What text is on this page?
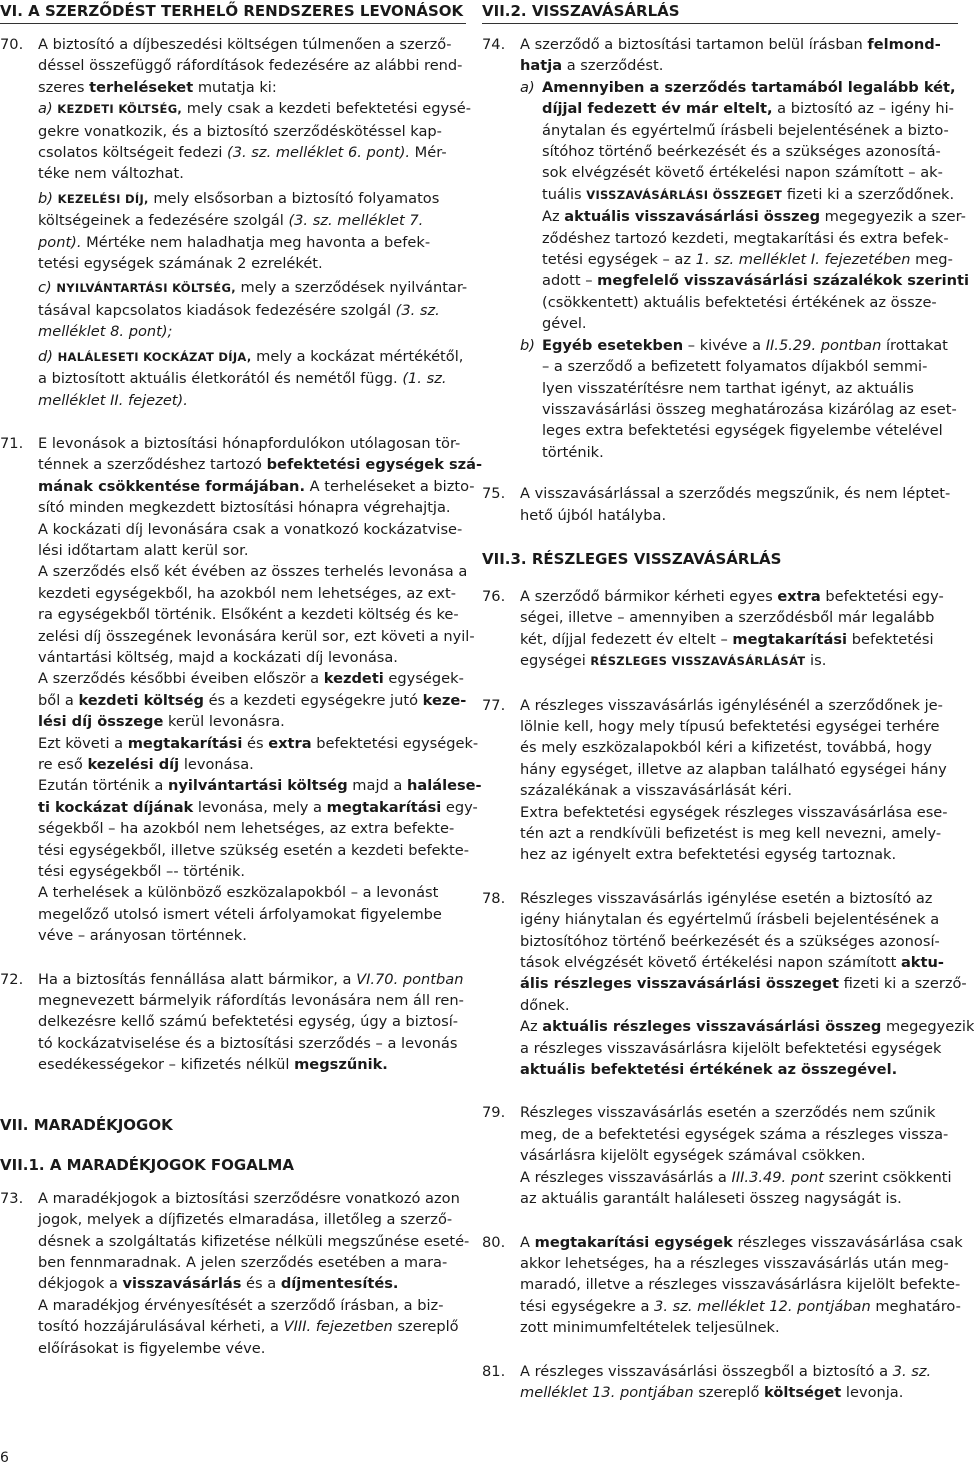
VI. A SZERZŐDÉST TERHELŐ RENDSZERES LEVONÁSOK
70. A biztosító a díjbeszedési költségen túlmenően a szerző-
déssel összefüggő ráfordítások fedezésére az alábbi rend-
szeres terheléseket mutatja ki:
a) KEZDETI KÖLTSÉG, mely csak a kezdeti befektetési egysé-
gekre vonatkozik, és a biztosító szerződéskötéssel kap-
csolatos költségeit fedezi (3. sz. melléklet 6. pont). Mér-
téke nem változhat.
b) KEZELÉSI DÍJ, mely elsősorban a biztosító folyamatos
költségeinek a fedezésére szolgál (3. sz. melléklet 7.
pont). Mértéke nem haladhatja meg havonta a befek-
tetési egységek számának 2 ezrelékét.
c) NYILVÁNTARTÁSI KÖLTSÉG, mely a szerződések nyilvántar-
tásával kapcsolatos kiadások fedezésére szolgál (3. sz.
melléklet 8. pont);
d) HALÁLESETI KOCKÁZAT DÍJA, mely a kockázat mértékétől,
a biztosított aktuális életkorától és nemétől függ. (1. sz.
melléklet II. fejezet).
71. E levonások a biztosítási hónapfordulókon utólagosan tör-
ténnek a szerződéshez tartozó befektetési egységek szá-
mának csökkentése formájában. A terheléseket a bizto-
sító minden megkezdett biztosítási hónapra végrehajtja.
A kockázati díj levonására csak a vonatkozó kockázatvise-
lési időtartam alatt kerül sor.
A szerződés első két évében az összes terhelés levonása a
kezdeti egységekből, ha azokból nem lehetséges, az ext-
ra egységekből történik. Elsőként a kezdeti költség és ke-
zelési díj összegének levonására kerül sor, ezt követi a nyil-
vántartási költség, majd a kockázati díj levonása.
A szerződés későbbi éveiben először a kezdeti egységek-
ből a kezdeti költség és a kezdeti egységekre jutó keze-
lési díj összege kerül levonásra.
Ezt követi a megtakarítási és extra befektetési egységek-
re eső kezelési díj levonása.
Ezután történik a nyilvántartási költség majd a halálese-
ti kockázat díjának levonása, mely a megtakarítási egy-
ségekből – ha azokból nem lehetséges, az extra befekte-
tési egységekből, illetve szükség esetén a kezdeti befekte-
tési egységekből –- történik.
A terhelések a különböző eszközalapokból – a levonást
megelőző utolsó ismert vételi árfolyamokat figyelembe
véve – arányosan történnek.
72. Ha a biztosítás fennállása alatt bármikor, a VI.70. pontban
megnevezett bármelyik ráfordítás levonására nem áll ren-
delkezésre kellő számú befektetési egység, úgy a biztosí-
tó kockázatviselése és a biztosítási szerződés – a levonás
esedékességekor – kifizetés nélkül megszűnik.
VII. MARADÉKJOGOK
VII.1. A MARADÉKJOGOK FOGALMA
73. A maradékjogok a biztosítási szerződésre vonatkozó azon
jogok, melyek a díjfizetés elmaradása, illetőleg a szerző-
désnek a szolgáltatás kifizetése nélküli megszűnése eseté-
ben fennmaradnak. A jelen szerződés esetében a mara-
dékjogok a visszavásárlás és a díjmentesítés.
A maradékjog érvényesítését a szerződő írásban, a biz-
tosító hozzájárulásával kérheti, a VIII. fejezetben szereplő
előírásokat is figyelembe véve.
6
VII.2. VISSZAVÁSÁRLÁS
74. A szerződő a biztosítási tartamon belül írásban felmond-
hatja a szerződést.
a) Amennyiben a szerződés tartamából legalább két,
díjjal fedezett év már eltelt, a biztosító az – igény hi-
ánytalan és egyértelmű írásbeli bejelentésének a bizto-
sítóhoz történő beérkezését és a szükséges azonosítá-
sok elvégzését követő értékelési napon számított – ak-
tuális VISSZAVÁSÁRLÁSI ÖSSZEGET fizeti ki a szerződőnek.
Az aktuális visszavásárlási összeg megegyezik a szer-
ződéshez tartozó kezdeti, megtakarítási és extra befek-
tetési egységek – az 1. sz. melléklet I. fejezetében meg-
adott – megfelelő visszavásárlási százalékok szerinti
(csökkentett) aktuális befektetési értékének az össze-
gével.
b) Egyéb esetekben – kivéve a II.5.29. pontban írottakat
– a szerződő a befizetett folyamatos díjakból semmi-
lyen visszatérítésre nem tarthat igényt, az aktuális
visszavásárlási összeg meghatározása kizárólag az eset-
leges extra befektetési egységek figyelembe vételével
történik.
75. A visszavásárlással a szerződés megszűnik, és nem léptet-
hető újból hatályba.
VII.3. RÉSZLEGES VISSZAVÁSÁRLÁS
76. A szerződő bármikor kérheti egyes extra befektetési egy-
ségei, illetve – amennyiben a szerződésből már legalább
két, díjjal fedezett év eltelt – megtakarítási befektetési
egységei RÉSZLEGES VISSZAVÁSÁRLÁSÁT is.
77. A részleges visszavásárlás igénylésénél a szerződőnek je-
lölnie kell, hogy mely típusú befektetési egységei terhére
és mely eszközalapokból kéri a kifizetést, továbbá, hogy
hány egységet, illetve az alapban található egységei hány
százalékának a visszavásárlását kéri.
Extra befektetési egységek részleges visszavásárlása ese-
tén azt a rendkívüli befizetést is meg kell nevezni, amely-
hez az igényelt extra befektetési egység tartoznak.
78. Részleges visszavásárlás igénylése esetén a biztosító az
igény hiánytalan és egyértelmű írásbeli bejelentésének a
biztosítóhoz történő beérkezését és a szükséges azonosí-
tások elvégzését követő értékelési napon számított aktu-
ális részleges visszavásárlási összeget fizeti ki a szerző-
dőnek.
Az aktuális részleges visszavásárlási összeg megegyezik
a részleges visszavásárlásra kijelölt befektetési egységek
aktuális befektetési értékének az összegével.
79. Részleges visszavásárlás esetén a szerződés nem szűnik
meg, de a befektetési egységek száma a részleges vissza-
vásárlásra kijelölt egységek számával csökken.
A részleges visszavásárlás a III.3.49. pont szerint csökkenti
az aktuális garantált haláleseti összeg nagyságát is.
80. A megtakarítási egységek részleges visszavásárlása csak
akkor lehetséges, ha a részleges visszavásárlás után meg-
maradó, illetve a részleges visszavásárlásra kijelölt befekte-
tési egységekre a 3. sz. melléklet 12. pontjában meghatáro-
zott minimumfeltételek teljesülnek.
81. A részleges visszavásárlási összegből a biztosító a 3. sz.
melléklet 13. pontjában szereplő költséget levonja.
